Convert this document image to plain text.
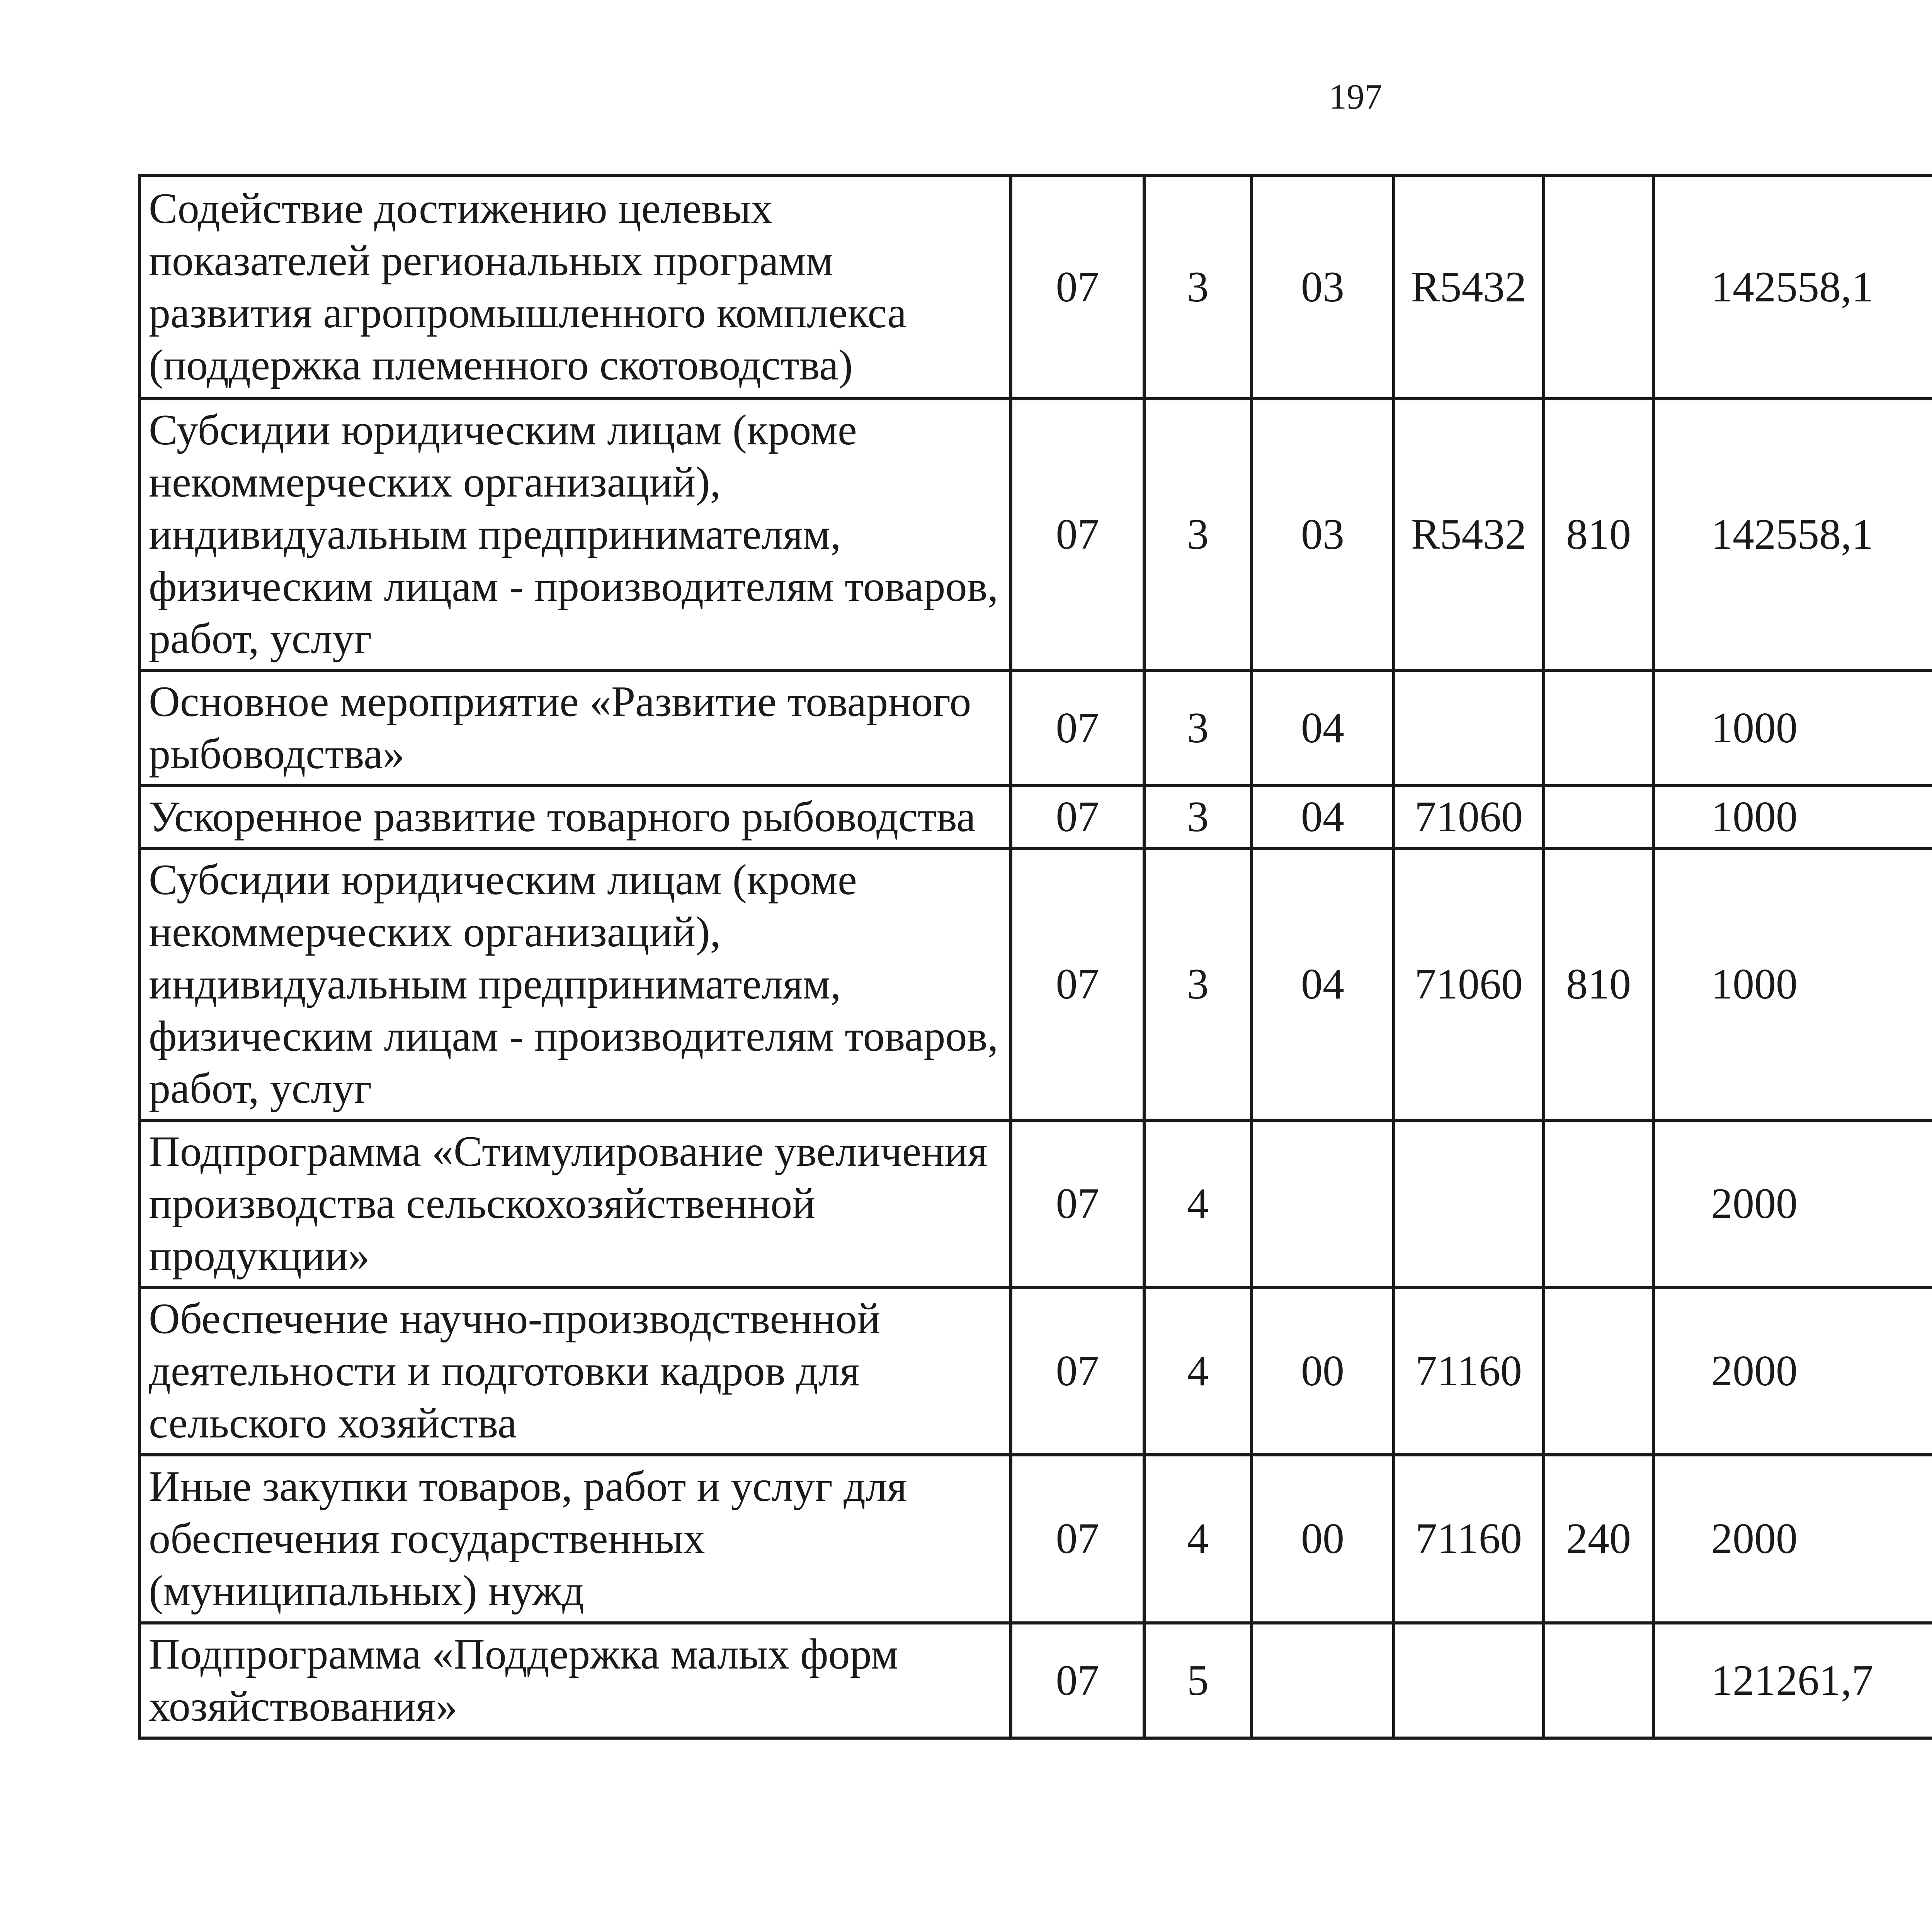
197
Содействие достижению целевых показателей региональных программ развития агропромышленного комплекса (поддержка племенного скотоводства)	07	3	03	R5432		142558,1		
Субсидии юридическим лицам (кроме некоммерческих организаций), индивидуальным предпринимателям, физическим лицам - производителям товаров, работ, услуг	07	3	03	R5432	810	142558,1		
Основное мероприятие «Развитие товарного рыбоводства»	07	3	04			1000		
Ускоренное развитие товарного рыбоводства	07	3	04	71060		1000		
Субсидии юридическим лицам (кроме некоммерческих организаций), индивидуальным предпринимателям, физическим лицам - производителям товаров, работ, услуг	07	3	04	71060	810	1000		
Подпрограмма «Стимулирование увеличения производства сельскохозяйственной продукции»	07	4				2000		
Обеспечение научно-производственной деятельности и подготовки кадров для сельского хозяйства	07	4	00	71160		2000		
Иные закупки товаров, работ и услуг для обеспечения государственных (муниципальных) нужд	07	4	00	71160	240	2000		
Подпрограмма «Поддержка малых форм хозяйствования»	07	5				121261,7		
